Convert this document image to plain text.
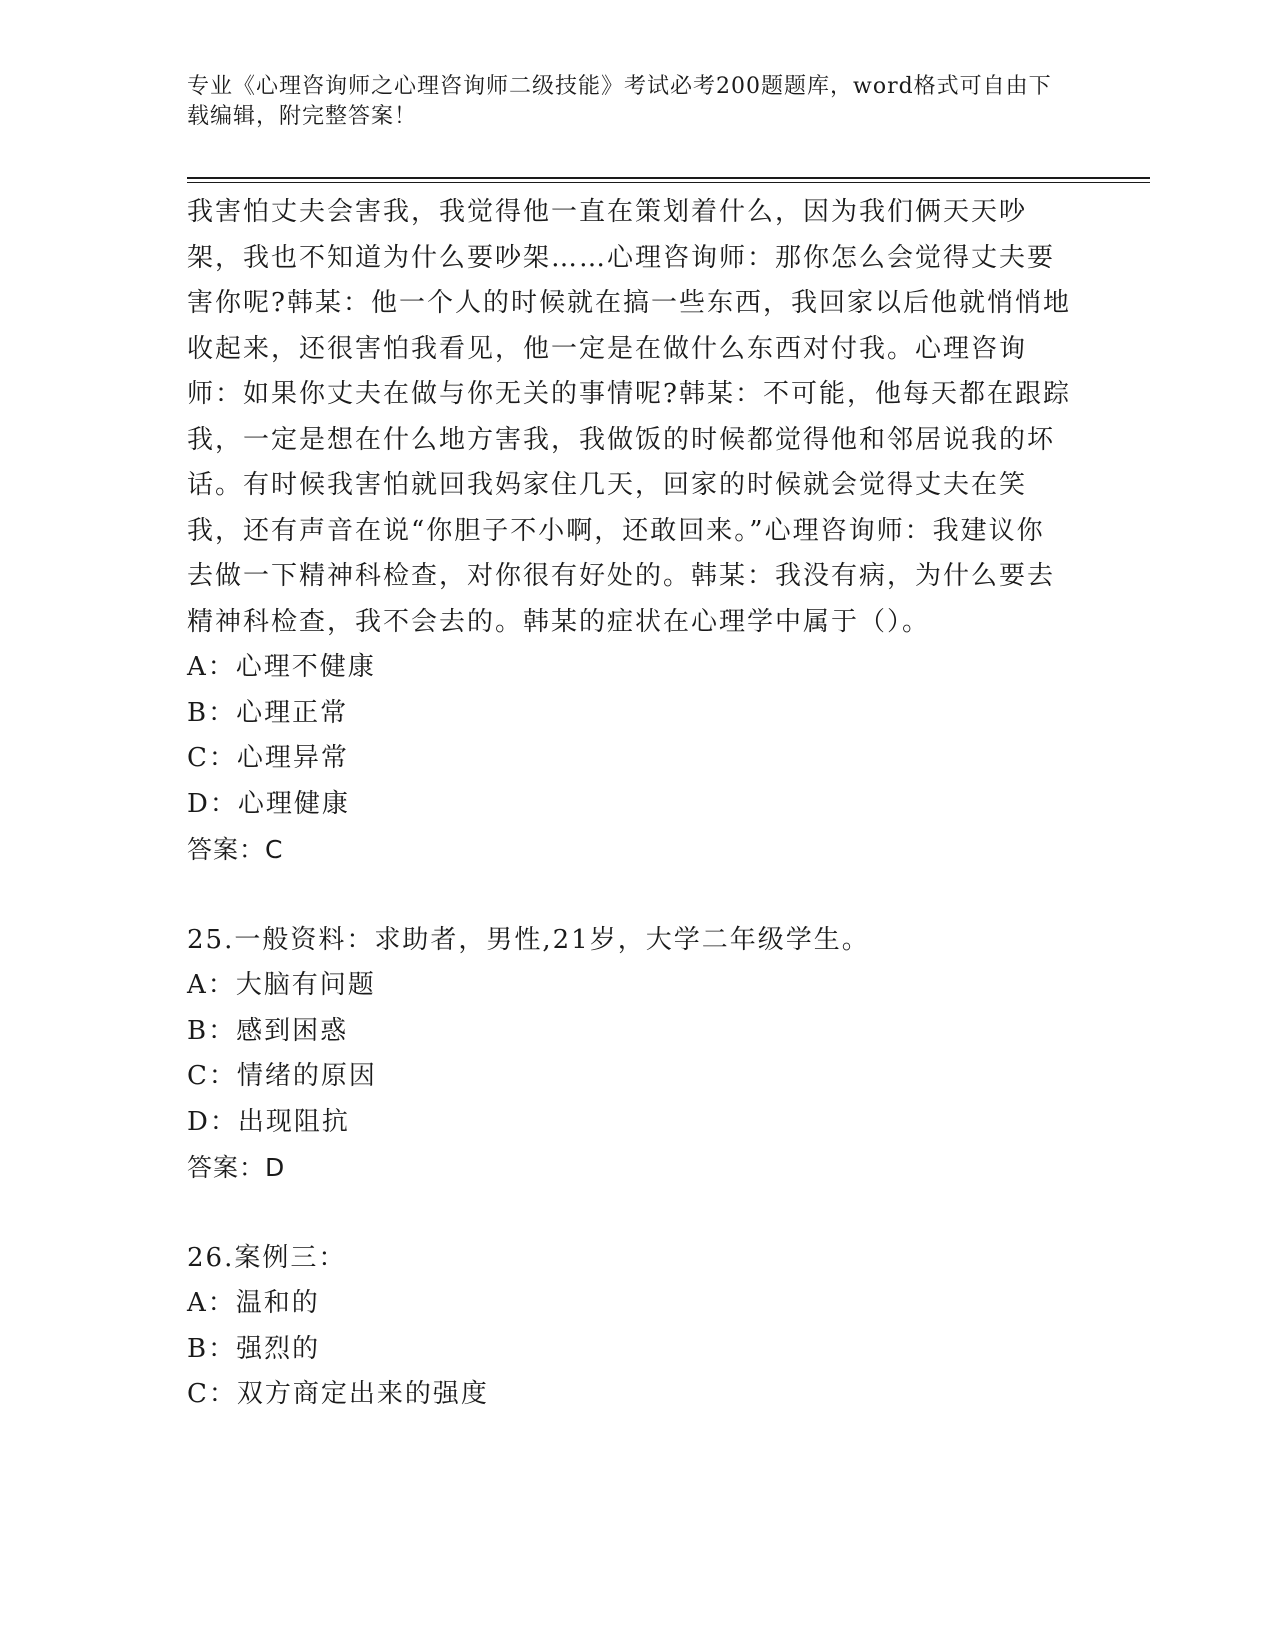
专业《心理咨询师之心理咨询师二级技能》考试必考200题题库，word格式可自由下载编辑，附完整答案！

我害怕丈夫会害我，我觉得他一直在策划着什么，因为我们俩天天吵架，我也不知道为什么要吵架……心理咨询师：那你怎么会觉得丈夫要害你呢?韩某：他一个人的时候就在搞一些东西，我回家以后他就悄悄地收起来，还很害怕我看见，他一定是在做什么东西对付我。心理咨询师：如果你丈夫在做与你无关的事情呢?韩某：不可能，他每天都在跟踪我，一定是想在什么地方害我，我做饭的时候都觉得他和邻居说我的坏话。有时候我害怕就回我妈家住几天，回家的时候就会觉得丈夫在笑我，还有声音在说“你胆子不小啊，还敢回来。”心理咨询师：我建议你去做一下精神科检查，对你很有好处的。韩某：我没有病，为什么要去精神科检查，我不会去的。韩某的症状在心理学中属于（）。

A：心理不健康
B：心理正常
C：心理异常
D：心理健康
答案：C

25.一般资料：求助者，男性,21岁，大学二年级学生。

A：大脑有问题
B：感到困惑
C：情绪的原因
D：出现阻抗
答案：D

26.案例三：

A：温和的
B：强烈的
C：双方商定出来的强度
